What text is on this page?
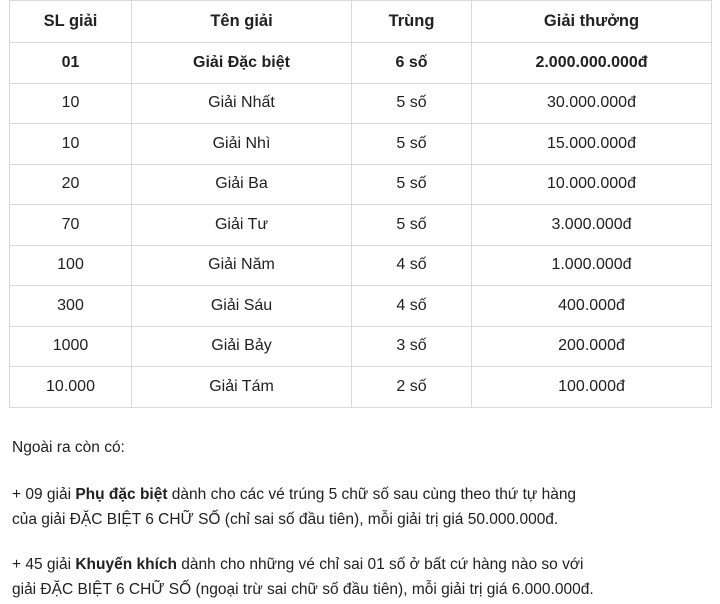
SL giải	Tên giải	Trùng	Giải thưởng
01	Giải Đặc biệt	6 số	2.000.000.000đ
10	Giải Nhất	5 số	30.000.000đ
10	Giải Nhì	5 số	15.000.000đ
20	Giải Ba	5 số	10.000.000đ
70	Giải Tư	5 số	3.000.000đ
100	Giải Năm	4 số	1.000.000đ
300	Giải Sáu	4 số	400.000đ
1000	Giải Bảy	3 số	200.000đ
10.000	Giải Tám	2 số	100.000đ

Ngoài ra còn có:

+ 09 giải Phụ đặc biệt dành cho các vé trúng 5 chữ số sau cùng theo thứ tự hàng
của giải ĐẶC BIỆT 6 CHỮ SỐ (chỉ sai số đầu tiên), mỗi giải trị giá 50.000.000đ.
+ 45 giải Khuyến khích dành cho những vé chỉ sai 01 số ở bất cứ hàng nào so với
giải ĐẶC BIỆT 6 CHỮ SỐ (ngoại trừ sai chữ số đầu tiên), mỗi giải trị giá 6.000.000đ.
